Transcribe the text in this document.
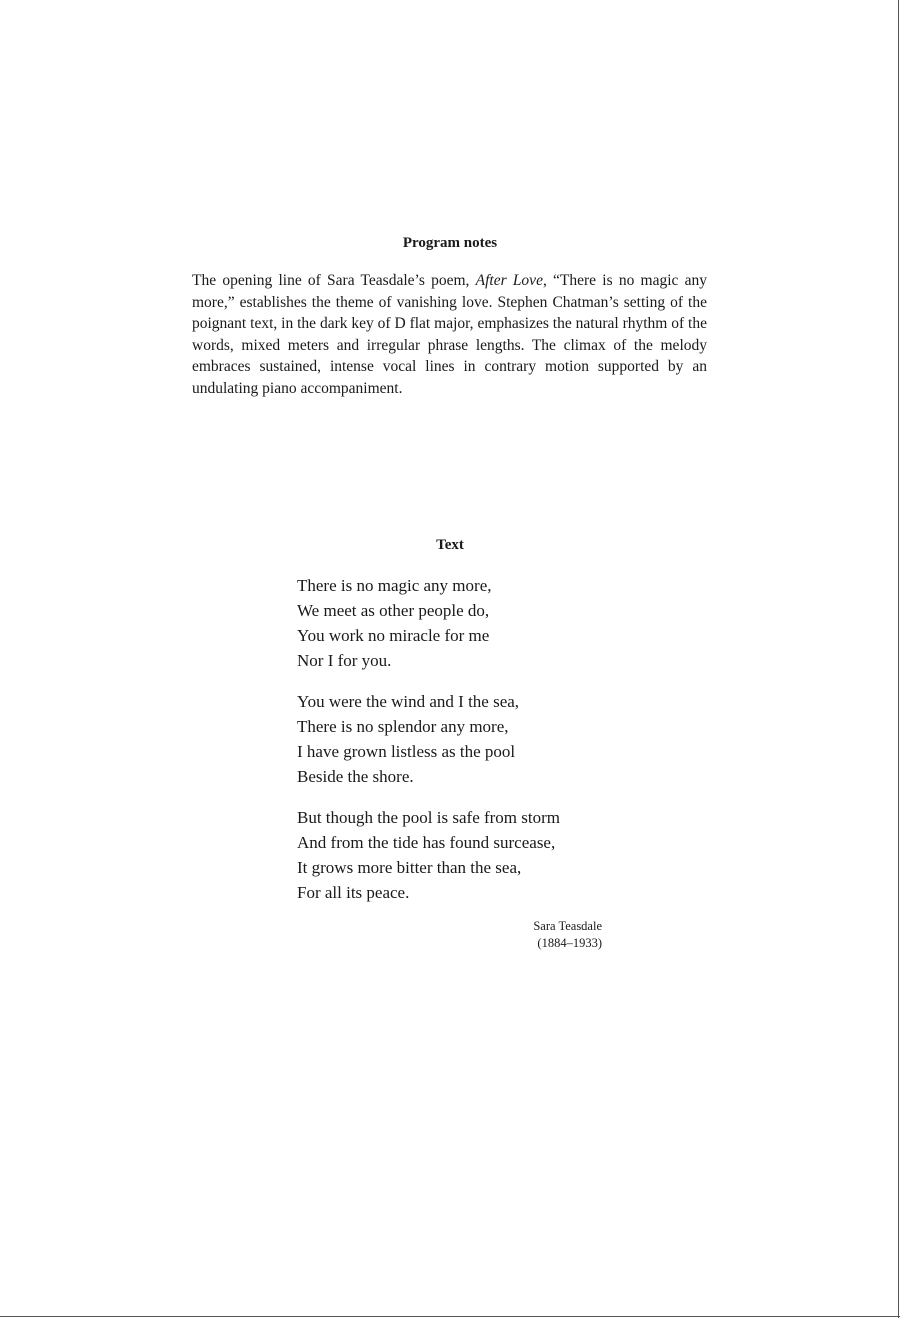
Program notes

The opening line of Sara Teasdale’s poem, After Love, “There is no magic any more,” establishes the theme of vanishing love. Stephen Chatman’s setting of the poignant text, in the dark key of D flat major, emphasizes the natural rhythm of the words, mixed meters and irregular phrase lengths. The climax of the melody embraces sustained, intense vocal lines in contrary motion supported by an undulating piano accompaniment.

Text
There is no magic any more,
We meet as other people do,
You work no miracle for me
Nor I for you.
You were the wind and I the sea,
There is no splendor any more,
I have grown listless as the pool
Beside the shore.
But though the pool is safe from storm
And from the tide has found surcease,
It grows more bitter than the sea,
For all its peace.
Sara Teasdale
(1884–1933)
